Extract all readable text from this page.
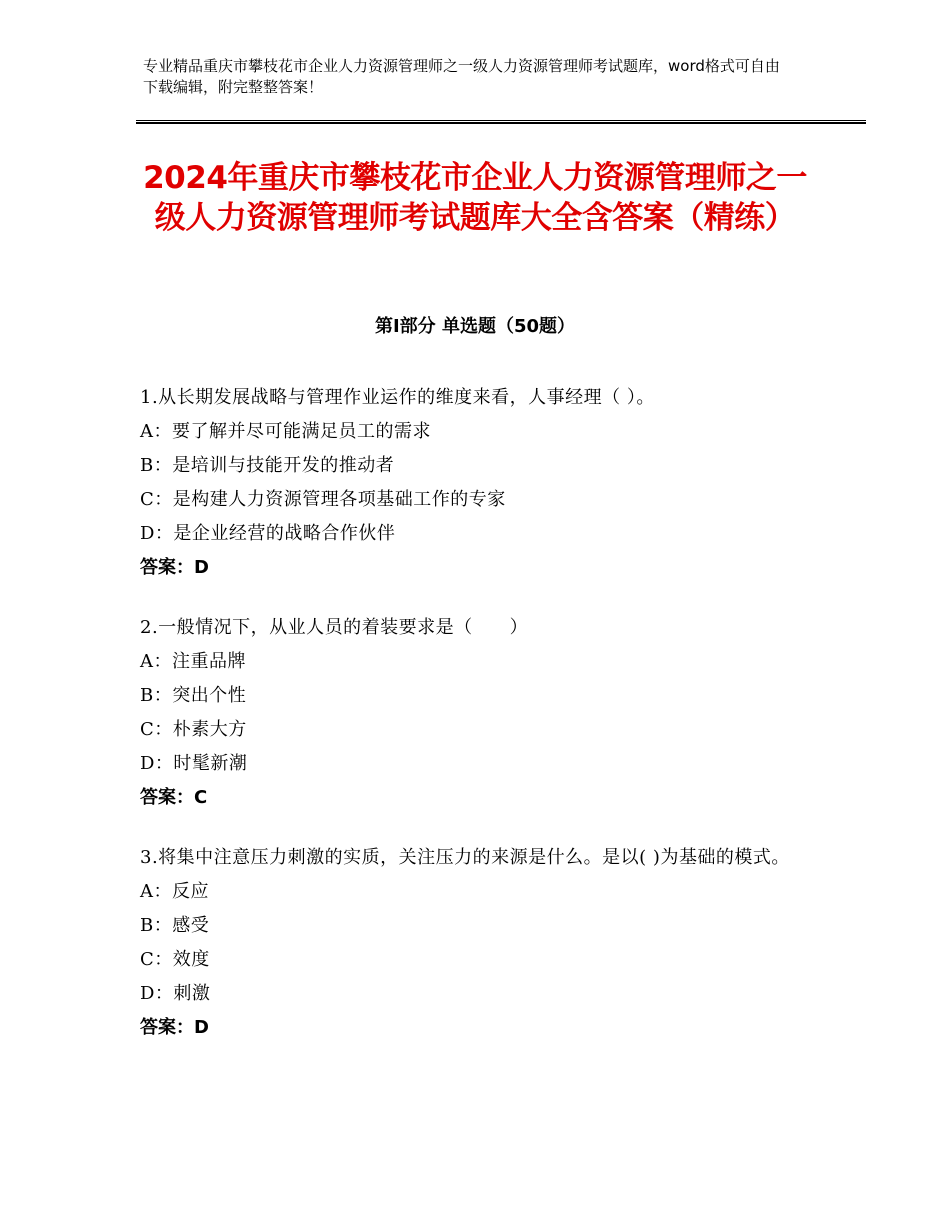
专业精品重庆市攀枝花市企业人力资源管理师之一级人力资源管理师考试题库，word格式可自由下载编辑，附完整整答案！
2024年重庆市攀枝花市企业人力资源管理师之一级人力资源管理师考试题库大全含答案（精练）
第Ⅰ部分 单选题（50题）
1.从长期发展战略与管理作业运作的维度来看，人事经理（ ）。
A：要了解并尽可能满足员工的需求
B：是培训与技能开发的推动者
C：是构建人力资源管理各项基础工作的专家
D：是企业经营的战略合作伙伴
答案：D
2.一般情况下，从业人员的着装要求是（　　）
A：注重品牌
B：突出个性
C：朴素大方
D：时髦新潮
答案：C
3.将集中注意压力刺激的实质，关注压力的来源是什么。是以( )为基础的模式。
A：反应
B：感受
C：效度
D：刺激
答案：D
